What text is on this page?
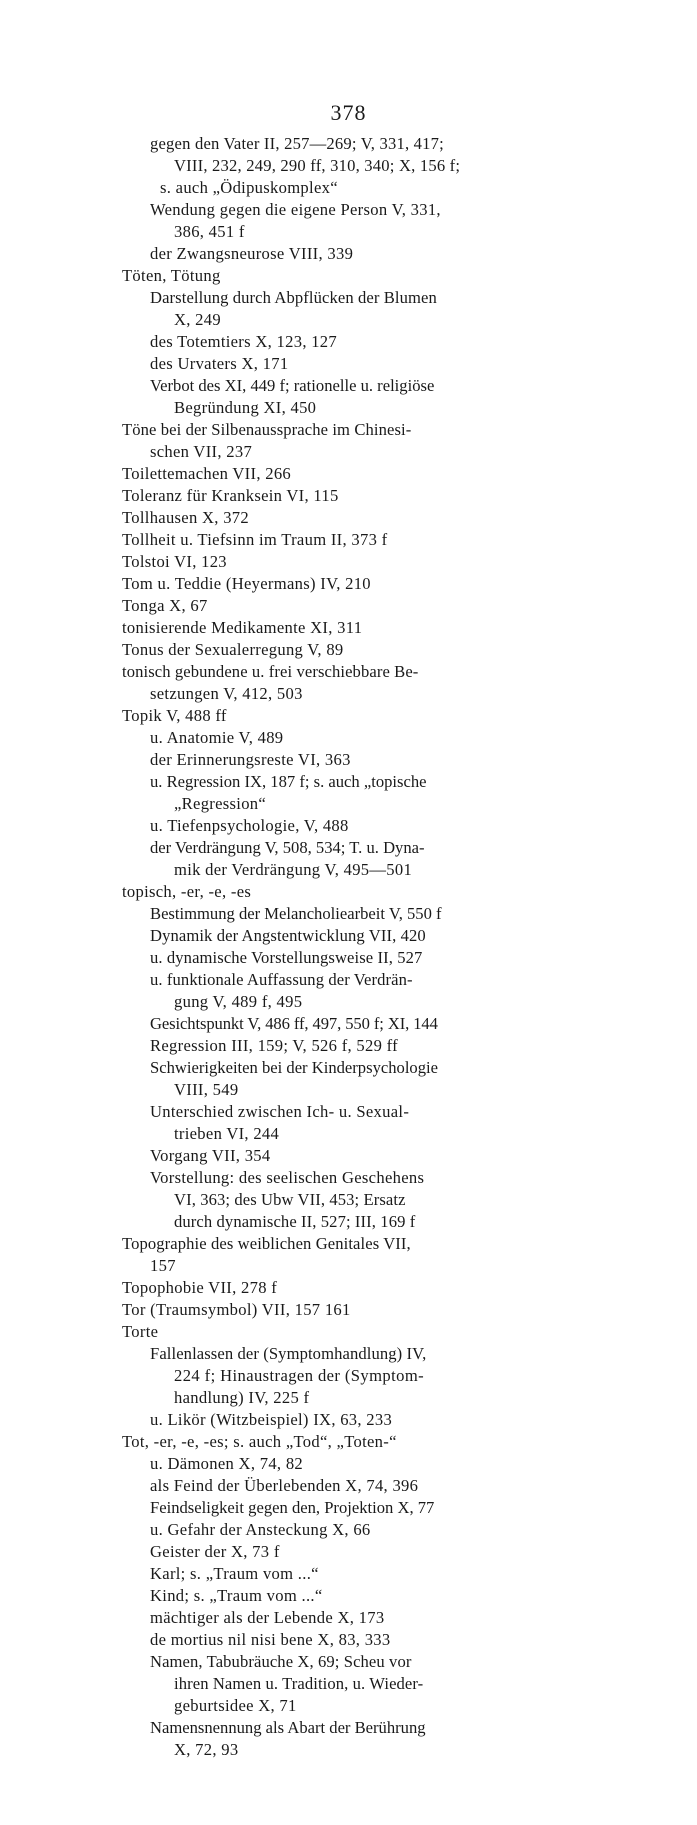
378
gegen den Vater II, 257—269; V, 331, 417;
VIII, 232, 249, 290 ff, 310, 340; X, 156 f;
s. auch „Ödipuskomplex“
Wendung gegen die eigene Person V, 331,
386, 451 f
der Zwangsneurose VIII, 339
Töten, Tötung
Darstellung durch Abpflücken der Blumen
X, 249
des Totemtiers X, 123, 127
des Urvaters X, 171
Verbot des XI, 449 f; rationelle u. religiöse
Begründung XI, 450
Töne bei der Silbenaussprache im Chinesi-
schen VII, 237
Toilettemachen VII, 266
Toleranz für Kranksein VI, 115
Tollhausen X, 372
Tollheit u. Tiefsinn im Traum II, 373 f
Tolstoi VI, 123
Tom u. Teddie (Heyermans) IV, 210
Tonga X, 67
tonisierende Medikamente XI, 311
Tonus der Sexualerregung V, 89
tonisch gebundene u. frei verschiebbare Be-
setzungen V, 412, 503
Topik V, 488 ff
u. Anatomie V, 489
der Erinnerungsreste VI, 363
u. Regression IX, 187 f; s. auch „topische
„Regression“
u. Tiefenpsychologie, V, 488
der Verdrängung V, 508, 534; T. u. Dyna-
mik der Verdrängung V, 495—501
topisch, -er, -e, -es
Bestimmung der Melancholiearbeit V, 550 f
Dynamik der Angstentwicklung VII, 420
u. dynamische Vorstellungsweise II, 527
u. funktionale Auffassung der Verdrän-
gung V, 489 f, 495
Gesichtspunkt V, 486 ff, 497, 550 f; XI, 144
Regression III, 159; V, 526 f, 529 ff
Schwierigkeiten bei der Kinderpsychologie
VIII, 549
Unterschied zwischen Ich- u. Sexual-
trieben VI, 244
Vorgang VII, 354
Vorstellung: des seelischen Geschehens
VI, 363; des Ubw VII, 453; Ersatz
durch dynamische II, 527; III, 169 f
Topographie des weiblichen Genitales VII,
157
Topophobie VII, 278 f
Tor (Traumsymbol) VII, 157 161
Torte
Fallenlassen der (Symptomhandlung) IV,
224 f; Hinaustragen der (Symptom-
handlung) IV, 225 f
u. Likör (Witzbeispiel) IX, 63, 233
Tot, -er, -e, -es; s. auch „Tod“, „Toten-“
u. Dämonen X, 74, 82
als Feind der Überlebenden X, 74, 396
Feindseligkeit gegen den, Projektion X, 77
u. Gefahr der Ansteckung X, 66
Geister der X, 73 f
Karl; s. „Traum vom ...“
Kind; s. „Traum vom ...“
mächtiger als der Lebende X, 173
de mortius nil nisi bene X, 83, 333
Namen, Tabubräuche X, 69; Scheu vor
ihren Namen u. Tradition, u. Wieder-
geburtsidee X, 71
Namensnennung als Abart der Berührung
X, 72, 93
